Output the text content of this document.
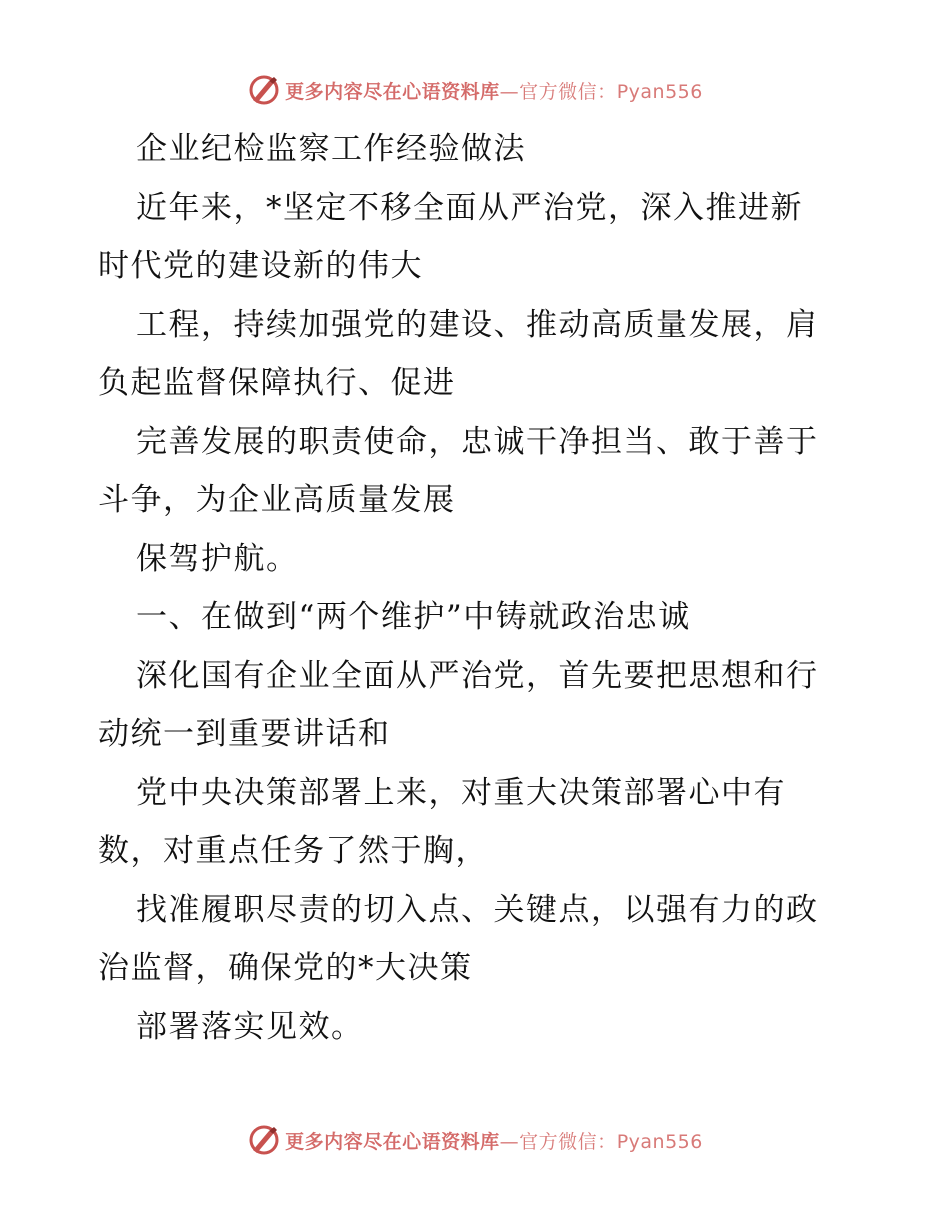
更多内容尽在心语资料库—官方微信：Pyan556
企业纪检监察工作经验做法
近年来，*坚定不移全面从严治党，深入推进新
时代党的建设新的伟大
工程，持续加强党的建设、推动高质量发展，肩
负起监督保障执行、促进
完善发展的职责使命，忠诚干净担当、敢于善于
斗争，为企业高质量发展
保驾护航。
一、在做到“两个维护”中铸就政治忠诚
深化国有企业全面从严治党，首先要把思想和行
动统一到重要讲话和
党中央决策部署上来，对重大决策部署心中有
数，对重点任务了然于胸，
找准履职尽责的切入点、关键点，以强有力的政
治监督，确保党的*大决策
部署落实见效。
更多内容尽在心语资料库—官方微信：Pyan556
